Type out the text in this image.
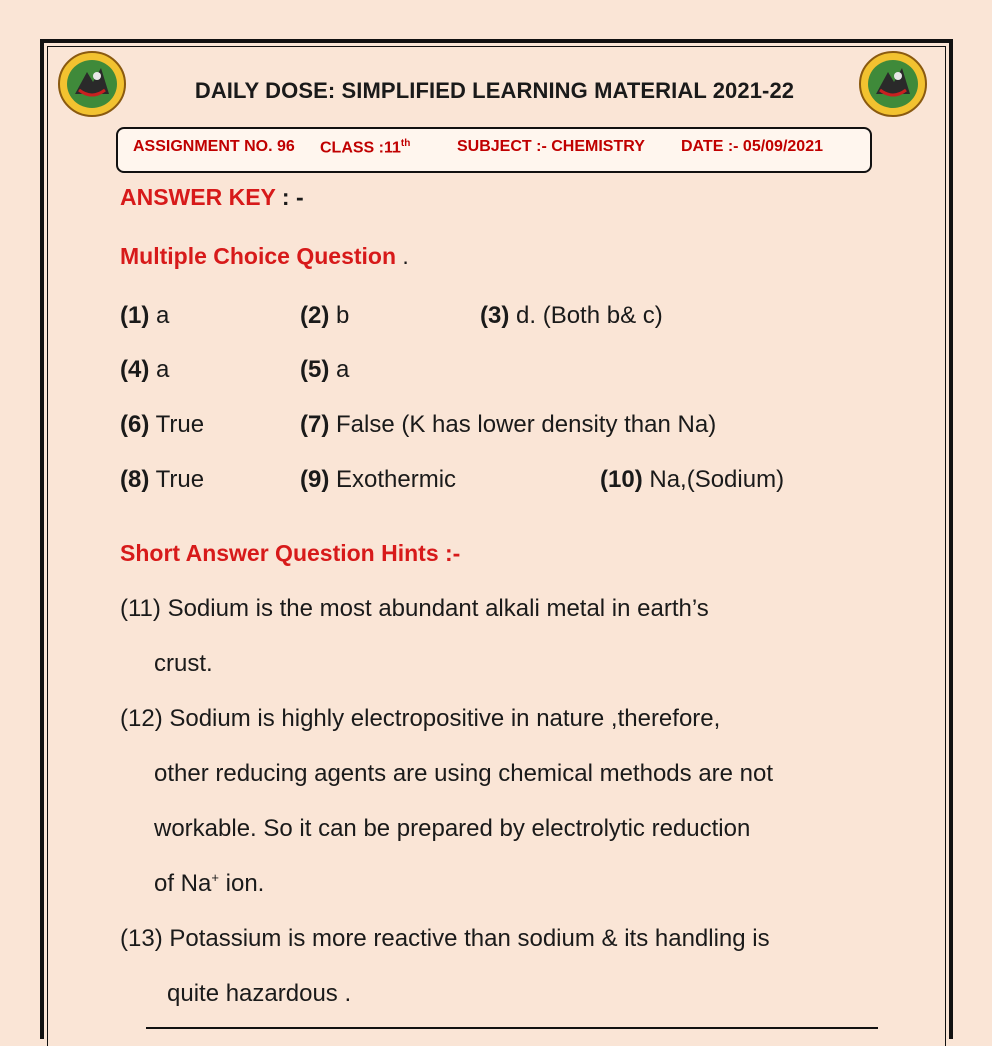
DAILY DOSE: SIMPLIFIED LEARNING MATERIAL 2021-22
ASSIGNMENT NO. 96 CLASS :11th	SUBJECT :- CHEMISTRY DATE :- 05/09/2021
ANSWER KEY : -
Multiple Choice Question .
(1) a	(2) b	(3) d. (Both b& c)
(4) a	(5) a
(6) True	(7) False (K has lower density than Na)
(8) True	(9) Exothermic	(10) Na,(Sodium)
Short Answer Question Hints :-
(11) Sodium is the most abundant alkali metal in earth’s
crust.
(12) Sodium is highly electropositive in nature ,therefore,
other reducing agents are using chemical methods are not
workable. So it can be prepared by electrolytic reduction
of Na+ ion.
(13) Potassium is more reactive than sodium & its handling is
quite hazardous .
